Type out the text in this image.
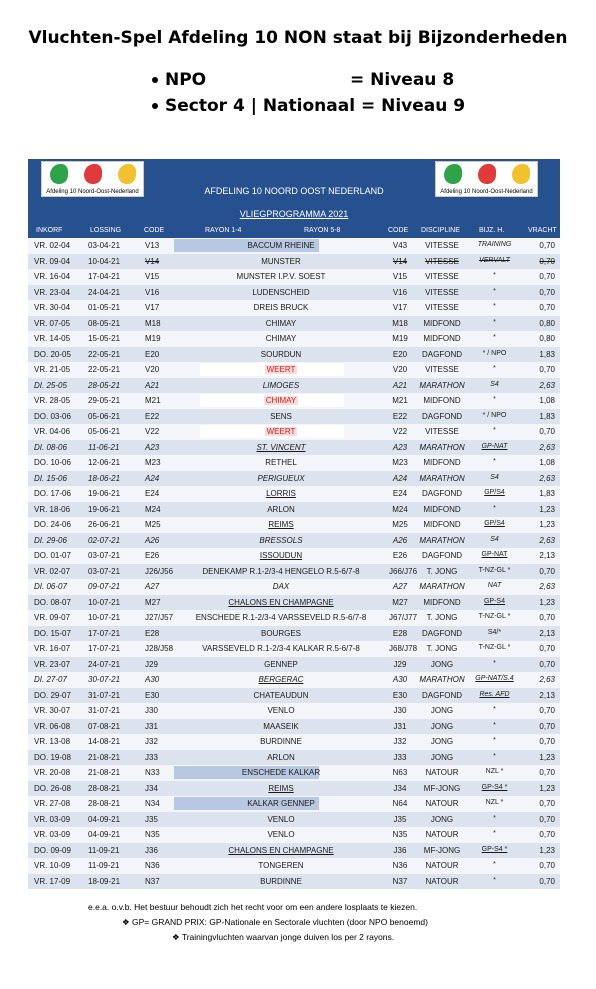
Vluchten-Spel Afdeling 10 NON staat bij Bijzonderheden
NPO	= Niveau 8
Sector 4 | Nationaal = Niveau 9
Afdeling 10 Noord-Oost-Nederland	Afdeling 10 Noord-Oost-Nederland
AFDELING 10 NOORD OOST NEDERLAND
VLIEGPROGRAMMA 2021
INKORF	LOSSING	CODE	RAYON 1-4	RAYON 5-8	CODE DISCIPLINE	BIJZ. H.	VRACHT
VR. 02-04 03-04-21	V13	BACCUM RHEINE	V43	VITESSE	TRAINING	0,70
VR. 09-04 10-04-21	V14	MUNSTER	V14	VITESSE	VERVALT	0,70
VR. 16-04 17-04-21	V15	MUNSTER I.P.V. SOEST	V15	VITESSE	*	0,70
VR. 23-04 24-04-21	V16	LUDENSCHEID	V16	VITESSE	*	0,70
VR. 30-04 01-05-21	V17	DREIS BRUCK	V17	VITESSE	*	0,70
VR. 07-05 08-05-21	M18	CHIMAY	M18	MIDFOND	*	0,80
VR. 14-05 15-05-21	M19	CHIMAY	M19	MIDFOND	*	0,80
DO. 20-05 22-05-21	E20	SOURDUN	E20	DAGFOND	* / NPO	1,83
VR. 21-05 22-05-21	V20	WEERT	V20	VITESSE	*	0,70
DI. 25-05	28-05-21	A21	LIMOGES	A21	MARATHON	S4	2,63
VR. 28-05 29-05-21	M21	CHIMAY	M21	MIDFOND	*	1,08
DO. 03-06 05-06-21	E22	SENS	E22	DAGFOND	* / NPO	1,83
VR. 04-06 05-06-21	V22	WEERT	V22	VITESSE	*	0,70
DI. 08-06	11-06-21	A23	ST. VINCENT	A23	MARATHON	GP-NAT	2,63
DO. 10-06 12-06-21	M23	RETHEL	M23	MIDFOND	*	1,08
DI. 15-06	18-06-21	A24	PERIGUEUX	A24	MARATHON	S4	2,63
DO. 17-06 19-06-21	E24	LORRIS	E24	DAGFOND	GP/S4	1,83
VR. 18-06 19-06-21	M24	ARLON	M24	MIDFOND	*	1,23
DO. 24-06 26-06-21	M25	REIMS	M25	MIDFOND	GP/S4	1,23
DI. 29-06	02-07-21	A26	BRESSOLS	A26	MARATHON	S4	2,63
DO. 01-07 03-07-21	E26	ISSOUDUN	E26	DAGFOND	GP-NAT	2,13
VR. 02-07 03-07-21	J26/J56	DENEKAMP R.1-2/3-4 HENGELO R.5-6/7-8	J66/J76	T. JONG	T-NZ-GL *	0,70
DI. 06-07	09-07-21	A27	DAX	A27	MARATHON	NAT	2,63
DO. 08-07 10-07-21	M27	CHALONS EN CHAMPAGNE	M27	MIDFOND	GP-S4	1,23
VR. 09-07 10-07-21	J27/J57	ENSCHEDE R.1-2/3-4 VARSSEVELD R.5-6/7-8	J67/J77	T. JONG	T-NZ-GL *	0,70
DO. 15-07 17-07-21	E28	BOURGES	E28	DAGFOND	S4/*	2,13
VR. 16-07 17-07-21	J28/J58	VARSSEVELD R.1-2/3-4 KALKAR R.5-6/7-8	J68/J78	T. JONG	T-NZ-GL *	0,70
VR. 23-07 24-07-21	J29	GENNEP	J29	JONG	*	0,70
DI. 27-07	30-07-21	A30	BERGERAC	A30	MARATHON	GP-NAT/S.4	2,63
DO. 29-07 31-07-21	E30	CHATEAUDUN	E30	DAGFOND	Res. AFD	2,13
VR. 30-07 31-07-21	J30	VENLO	J30	JONG	*	0,70
VR. 06-08 07-08-21	J31	MAASEIK	J31	JONG	*	0,70
VR. 13-08 14-08-21	J32	BURDINNE	J32	JONG	*	0,70
DO. 19-08 21-08-21	J33	ARLON	J33	JONG	*	1,23
VR. 20-08 21-08-21	N33	ENSCHEDE KALKAR	N63	NATOUR	NZL *	0,70
DO. 26-08 28-08-21	J34	REIMS	J34	MF-JONG	GP-S4 *	1,23
VR. 27-08 28-08-21	N34	KALKAR GENNEP	N64	NATOUR	NZL *	0,70
VR. 03-09 04-09-21	J35	VENLO	J35	JONG	*	0,70
VR. 03-09 04-09-21	N35	VENLO	N35	NATOUR	*	0,70
DO. 09-09 11-09-21	J36	CHALONS EN CHAMPAGNE	J36	MF-JONG	GP-S4 *	1,23
VR. 10-09 11-09-21	N36	TONGEREN	N36	NATOUR	*	0,70
VR. 17-09 18-09-21	N37	BURDINNE	N37	NATOUR	*	0,70
e.e.a. o.v.b. Het bestuur behoudt zich het recht voor om een andere losplaats te kiezen.
❖ GP= GRAND PRIX: GP-Nationale en Sectorale vluchten (door NPO benoemd)
❖ Trainingvluchten waarvan jonge duiven los per 2 rayons.
